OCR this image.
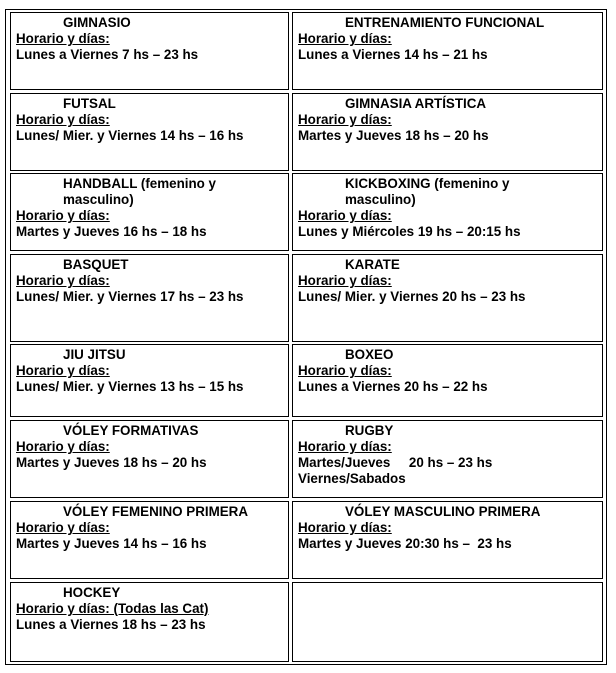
GIMNASIO
Horario y días:
Lunes a Viernes 7 hs – 23 hs
ENTRENAMIENTO FUNCIONAL
Horario y días:
Lunes a Viernes 14 hs – 21 hs
FUTSAL
Horario y días:
Lunes/ Mier. y Viernes 14 hs – 16 hs
GIMNASIA ARTÍSTICA
Horario y días:
Martes y Jueves 18 hs – 20 hs
HANDBALL (femenino y
masculino)
Horario y días:
Martes y Jueves 16 hs – 18 hs
KICKBOXING (femenino y
masculino)
Horario y días:
Lunes y Miércoles 19 hs – 20:15 hs
BASQUET
Horario y días:
Lunes/ Mier. y Viernes 17 hs – 23 hs
KARATE
Horario y días:
Lunes/ Mier. y Viernes 20 hs – 23 hs
JIU JITSU
Horario y días:
Lunes/ Mier. y Viernes 13 hs – 15 hs
BOXEO
Horario y días:
Lunes a Viernes 20 hs – 22 hs
VÓLEY FORMATIVAS
Horario y días:
Martes y Jueves 18 hs – 20 hs
RUGBY
Horario y días:
Martes/Jueves     20 hs – 23 hs
Viernes/Sabados
VÓLEY FEMENINO PRIMERA
Horario y días:
Martes y Jueves 14 hs – 16 hs
VÓLEY MASCULINO PRIMERA
Horario y días:
Martes y Jueves 20:30 hs –  23 hs
HOCKEY
Horario y días: (Todas las Cat)
Lunes a Viernes 18 hs – 23 hs
